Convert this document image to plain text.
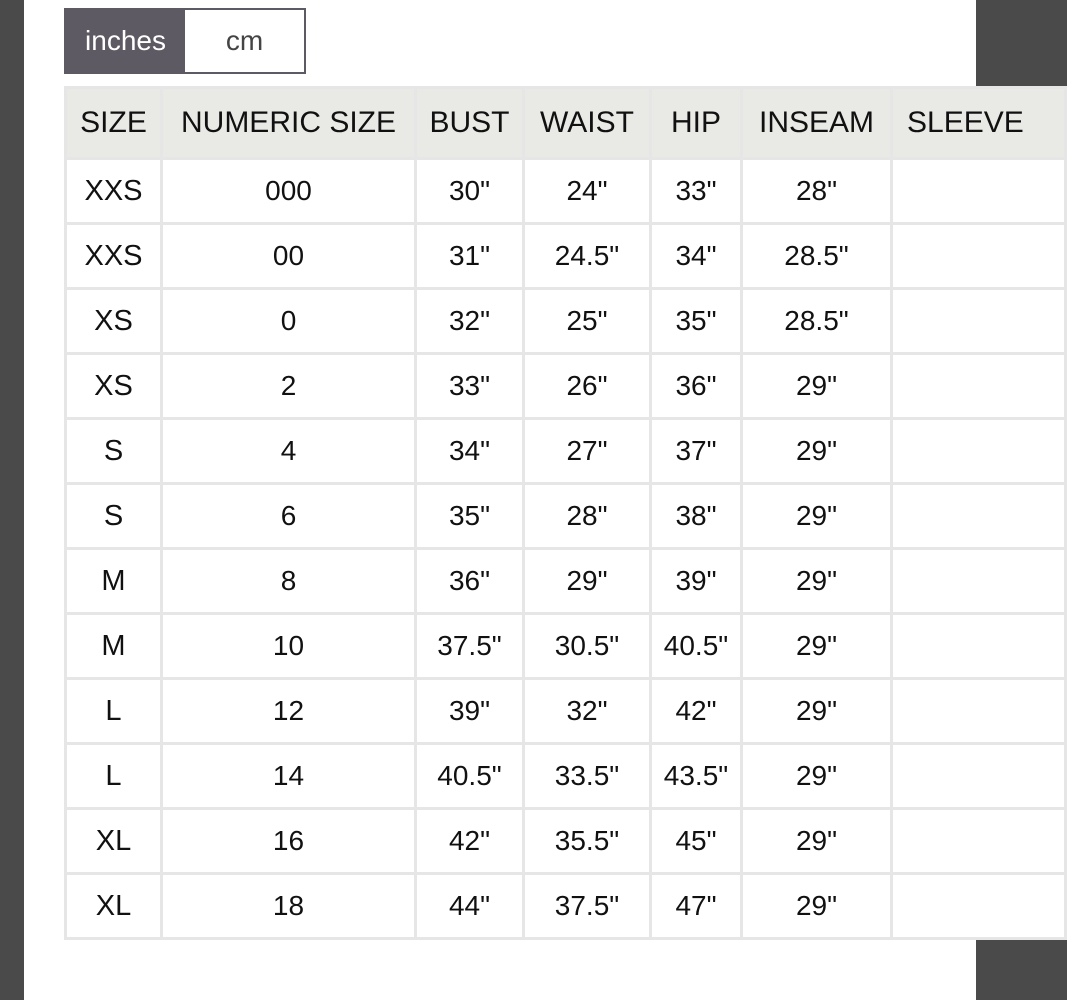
inches	cm
SIZE	NUMERIC SIZE	BUST	WAIST	HIP	INSEAM	SLEEVE
XXS	000	30"	24"	33"	28"	
XXS	00	31"	24.5"	34"	28.5"	
XS	0	32"	25"	35"	28.5"	
XS	2	33"	26"	36"	29"	
S	4	34"	27"	37"	29"	
S	6	35"	28"	38"	29"	
M	8	36"	29"	39"	29"	
M	10	37.5"	30.5"	40.5"	29"	
L	12	39"	32"	42"	29"	
L	14	40.5"	33.5"	43.5"	29"	
XL	16	42"	35.5"	45"	29"	
XL	18	44"	37.5"	47"	29"	
